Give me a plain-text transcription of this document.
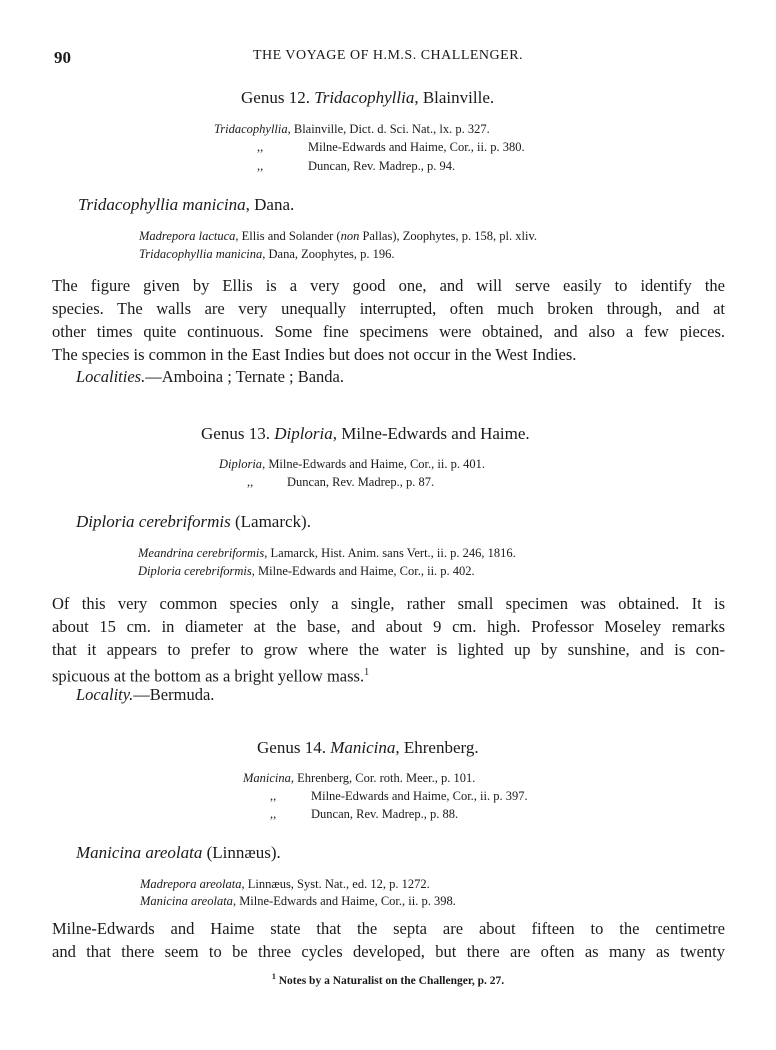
90	THE VOYAGE OF H.M.S. CHALLENGER.
Genus 12. Tridacophyllia, Blainville.
Tridacophyllia, Blainville, Dict. d. Sci. Nat., lx. p. 327.
,,	Milne-Edwards and Haime, Cor., ii. p. 380.
,,	Duncan, Rev. Madrep., p. 94.
Tridacophyllia manicina, Dana.
Madrepora lactuca, Ellis and Solander (non Pallas), Zoophytes, p. 158, pl. xliv.
Tridacophyllia manicina, Dana, Zoophytes, p. 196.
The figure given by Ellis is a very good one, and will serve easily to identify the
species. The walls are very unequally interrupted, often much broken through, and at
other times quite continuous. Some fine specimens were obtained, and also a few pieces.
The species is common in the East Indies but does not occur in the West Indies.
Localities.—Amboina ; Ternate ; Banda.
Genus 13. Diploria, Milne-Edwards and Haime.
Diploria, Milne-Edwards and Haime, Cor., ii. p. 401.
,,	Duncan, Rev. Madrep., p. 87.
Diploria cerebriformis (Lamarck).
Meandrina cerebriformis, Lamarck, Hist. Anim. sans Vert., ii. p. 246, 1816.
Diploria cerebriformis, Milne-Edwards and Haime, Cor., ii. p. 402.
Of this very common species only a single, rather small specimen was obtained. It is
about 15 cm. in diameter at the base, and about 9 cm. high. Professor Moseley remarks
that it appears to prefer to grow where the water is lighted up by sunshine, and is con-
spicuous at the bottom as a bright yellow mass.$^1$
Locality.—Bermuda.
Genus 14. Manicina, Ehrenberg.
Manicina, Ehrenberg, Cor. roth. Meer., p. 101.
,,	Milne-Edwards and Haime, Cor., ii. p. 397.
,,	Duncan, Rev. Madrep., p. 88.
Manicina areolata (Linnæus).
Madrepora areolata, Linnæus, Syst. Nat., ed. 12, p. 1272.
Manicina areolata, Milne-Edwards and Haime, Cor., ii. p. 398.
Milne-Edwards and Haime state that the septa are about fifteen to the centimetre
and that there seem to be three cycles developed, but there are often as many as twenty
$^1$ Notes by a Naturalist on the Challenger, p. 27.
